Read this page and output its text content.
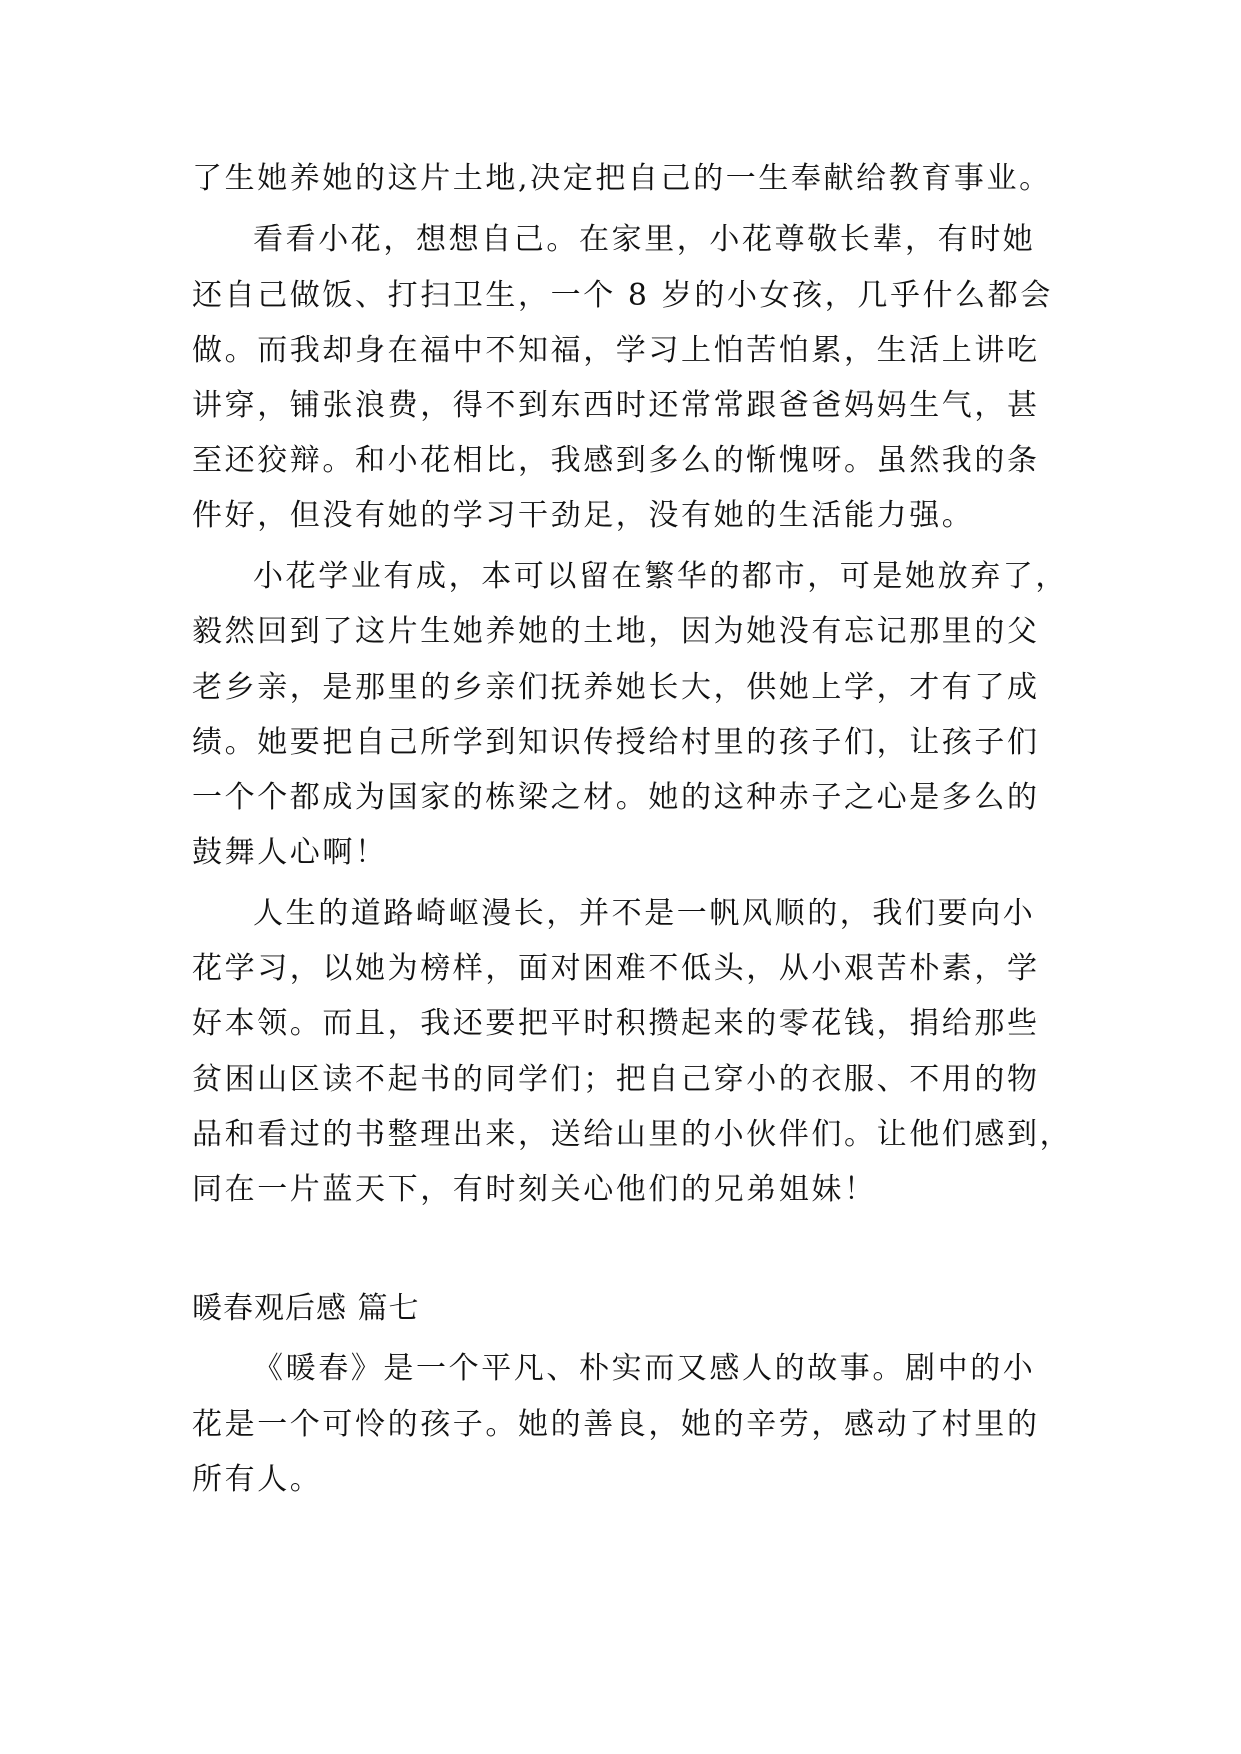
了生她养她的这片土地,决定把自己的一生奉献给教育事业。
看看小花，想想自己。在家里，小花尊敬长辈，有时她
还自己做饭、打扫卫生，一个 8 岁的小女孩，几乎什么都会
做。而我却身在福中不知福，学习上怕苦怕累，生活上讲吃
讲穿，铺张浪费，得不到东西时还常常跟爸爸妈妈生气，甚
至还狡辩。和小花相比，我感到多么的惭愧呀。虽然我的条
件好，但没有她的学习干劲足，没有她的生活能力强。
小花学业有成，本可以留在繁华的都市，可是她放弃了，
毅然回到了这片生她养她的土地，因为她没有忘记那里的父
老乡亲，是那里的乡亲们抚养她长大，供她上学，才有了成
绩。她要把自己所学到知识传授给村里的孩子们，让孩子们
一个个都成为国家的栋梁之材。她的这种赤子之心是多么的
鼓舞人心啊！
人生的道路崎岖漫长，并不是一帆风顺的，我们要向小
花学习，以她为榜样，面对困难不低头，从小艰苦朴素，学
好本领。而且，我还要把平时积攒起来的零花钱，捐给那些
贫困山区读不起书的同学们；把自己穿小的衣服、不用的物
品和看过的书整理出来，送给山里的小伙伴们。让他们感到，
同在一片蓝天下，有时刻关心他们的兄弟姐妹！
暖春观后感 篇七
《暖春》是一个平凡、朴实而又感人的故事。剧中的小
花是一个可怜的孩子。她的善良，她的辛劳，感动了村里的
所有人。
